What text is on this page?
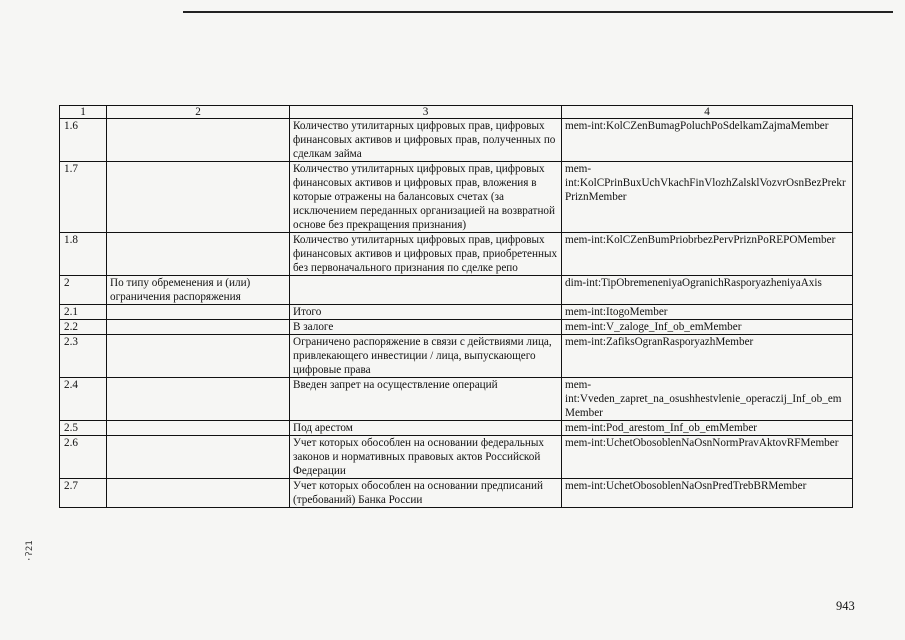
1	2	3	4
1.6		Количество утилитарных цифровых прав, цифровых финансовых активов и цифровых прав, полученных по сделкам займа	mem-int:KolCZenBumagPoluchPoSdelkamZajmaMember
1.7		Количество утилитарных цифровых прав, цифровых финансовых активов и цифровых прав, вложения в которые отражены на балансовых счетах (за исключением переданных организацией на возвратной основе без прекращения признания)	mem-int:KolCPrinBuxUchVkachFinVlozhZalsklVozvrOsnBezPrekrPriznMember
1.8		Количество утилитарных цифровых прав, цифровых финансовых активов и цифровых прав, приобретенных без первоначального признания по сделке репо	mem-int:KolCZenBumPriobrbezPervPriznPoREPOMember
2	По типу обременения и (или) ограничения распоряжения		dim-int:TipObremeneniyaOgranichRasporyazheniyaAxis
2.1		Итого	mem-int:ItogoMember
2.2		В залоге	mem-int:V_zaloge_Inf_ob_emMember
2.3		Ограничено распоряжение в связи с действиями лица, привлекающего инвестиции / лица, выпускающего цифровые права	mem-int:ZafiksOgranRasporyazhMember
2.4		Введен запрет на осуществление операций	mem-int:Vveden_zapret_na_osushhestvlenie_operaczij_Inf_ob_emMember
2.5		Под арестом	mem-int:Pod_arestom_Inf_ob_emMember
2.6		Учет которых обособлен на основании федеральных законов и нормативных правовых актов Российской Федерации	mem-int:UchetObosoblenNaOsnNormPravAktovRFMember
2.7		Учет которых обособлен на основании предписаний (требований) Банка России	mem-int:UchetObosoblenNaOsnPredTrebBRMember
·ʔ21
943
